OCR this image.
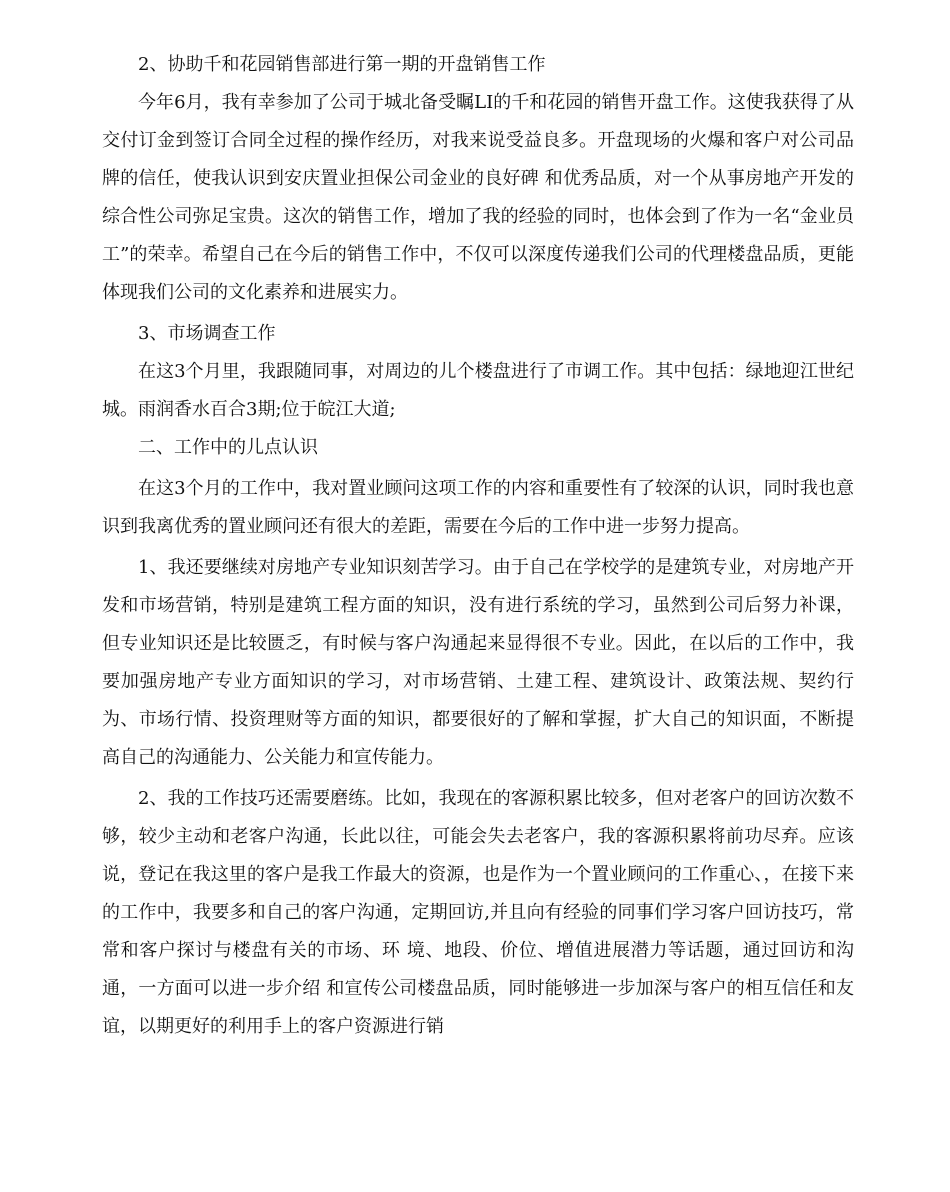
2、协助千和花园销售部进行第一期的开盘销售工作

今年6月，我有幸参加了公司于城北备受瞩LI的千和花园的销售开盘工作。这使我获得了从交付订金到签订合同全过程的操作经历，对我来说受益良多。开盘现场的火爆和客户对公司品牌的信任，使我认识到安庆置业担保公司金业的良好碑 和优秀品质，对一个从事房地产开发的综合性公司弥足宝贵。这次的销售工作，增加了我的经验的同时，也体会到了作为一名“金业员工”的荣幸。希望自己在今后的销售工作中，不仅可以深度传递我们公司的代理楼盘品质，更能体现我们公司的文化素养和进展实力。

3、市场调查工作

在这3个月里，我跟随同事，对周边的儿个楼盘进行了市调工作。其中包括：绿地迎江世纪城。雨润香水百合3期;位于皖江大道;

二、工作中的儿点认识

在这3个月的工作中，我对置业顾问这项工作的内容和重要性有了较深的认识，同时我也意识到我离优秀的置业顾问还有很大的差距，需要在今后的工作中进一步努力提高。

1、我还要继续对房地产专业知识刻苦学习。由于自己在学校学的是建筑专业，对房地产开发和市场营销，特别是建筑工程方面的知识，没有进行系统的学习，虽然到公司后努力补课，但专业知识还是比较匮乏，有时候与客户沟通起来显得很不专业。因此，在以后的工作中，我要加强房地产专业方面知识的学习，对市场营销、土建工程、建筑设计、政策法规、契约行为、市场行情、投资理财等方面的知识，都要很好的了解和掌握，扩大自己的知识面，不断提高自己的沟通能力、公关能力和宣传能力。

2、我的工作技巧还需要磨练。比如，我现在的客源积累比较多，但对老客户的回访次数不够，较少主动和老客户沟通，长此以往，可能会失去老客户，我的客源积累将前功尽弃。应该说，登记在我这里的客户是我工作最大的资源，也是作为一个置业顾问的工作重心、，在接下来的工作中，我要多和自己的客户沟通，定期回访,并且向有经验的同事们学习客户回访技巧，常常和客户探讨与楼盘有关的市场、环 境、地段、价位、增值进展潜力等话题，通过回访和沟通，一方面可以进一步介绍 和宣传公司楼盘品质，同时能够进一步加深与客户的相互信任和友谊，以期更好的利用手上的客户资源进行销
